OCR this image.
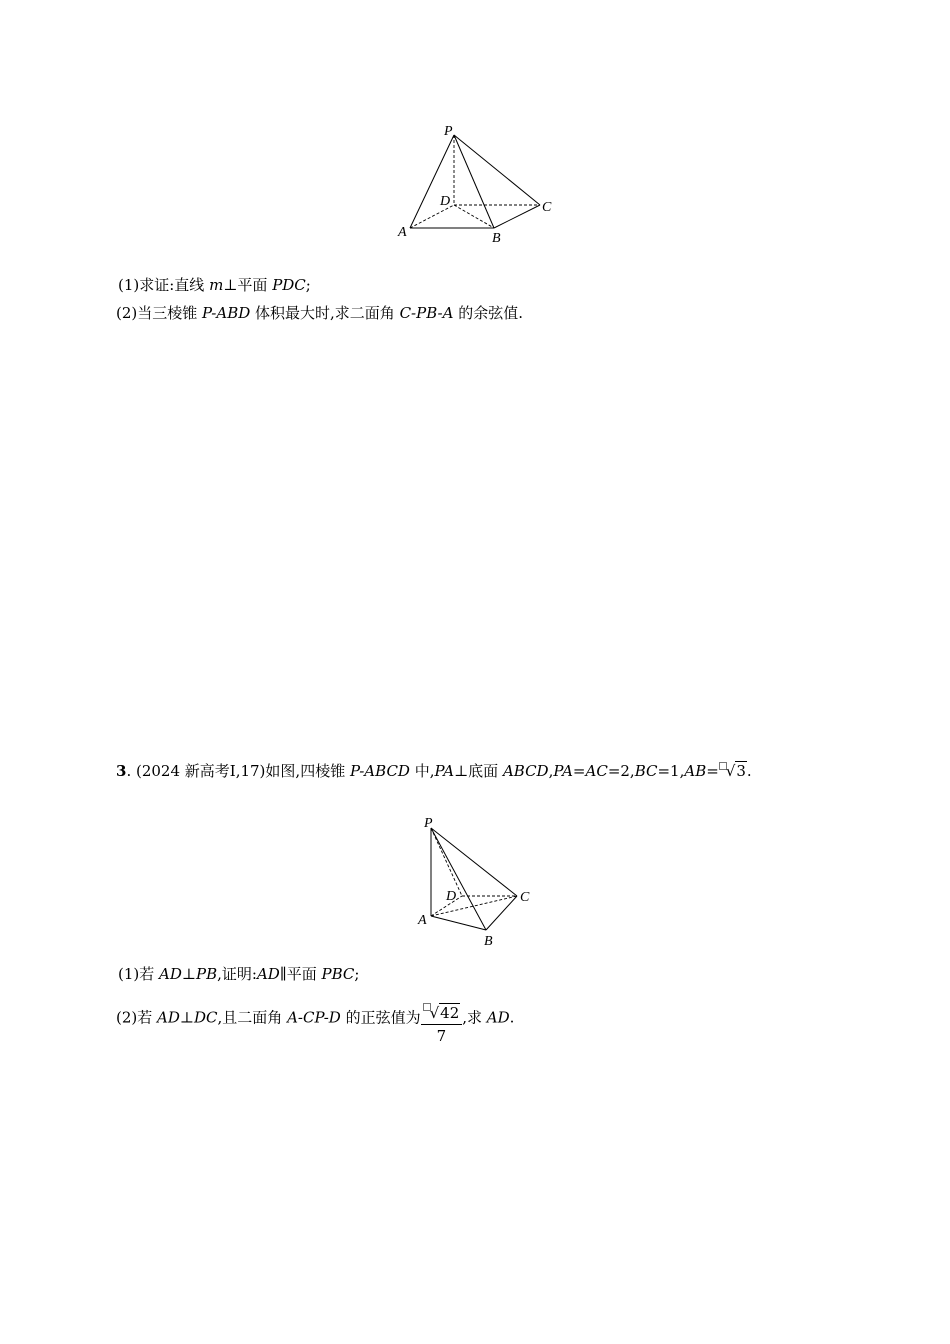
P
D	C
A	B
(1)求证:直线 m⊥平面 PDC;
(2)当三棱锥 P-ABD 体积最大时,求二面角 C-PB-A 的余弦值.
3. (2024 新高考Ⅰ,17)如图,四棱锥 P-ABCD 中,PA⊥底面 ABCD,PA=AC=2,BC=1,AB= √3.
P
D	C
A
B
(1)若 AD⊥PB,证明:AD∥平面 PBC;
(2)若 AD⊥DC,且二面角 A-CP-D 的正弦值为 $\frac{√42}{7}$ ,求 AD.
